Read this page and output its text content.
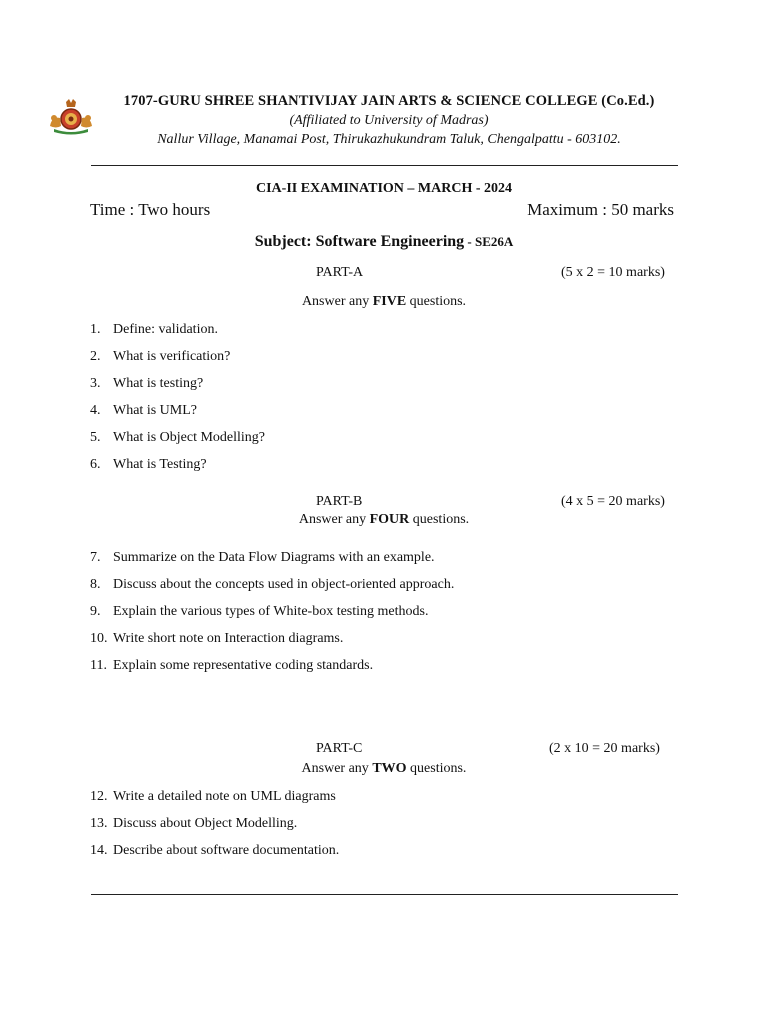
1707-GURU SHREE SHANTIVIJAY JAIN ARTS & SCIENCE COLLEGE (Co.Ed.)
(Affiliated to University of Madras)
Nallur Village, Manamai Post, Thirukazhukundram Taluk, Chengalpattu - 603102.
CIA-II EXAMINATION – MARCH - 2024
Time : Two hours	Maximum : 50 marks
Subject: Software Engineering - SE26A
PART-A	(5 x 2 = 10 marks)
Answer any FIVE questions.
1. Define: validation.
2. What is verification?
3. What is testing?
4. What is UML?
5. What is Object Modelling?
6. What is Testing?
PART-B	(4 x 5 = 20 marks)
Answer any FOUR questions.
7. Summarize on the Data Flow Diagrams with an example.
8. Discuss about the concepts used in object-oriented approach.
9. Explain the various types of White-box testing methods.
10. Write short note on Interaction diagrams.
11. Explain some representative coding standards.
PART-C	(2 x 10 = 20 marks)
Answer any TWO questions.
12. Write a detailed note on UML diagrams
13. Discuss about Object Modelling.
14. Describe about software documentation.
